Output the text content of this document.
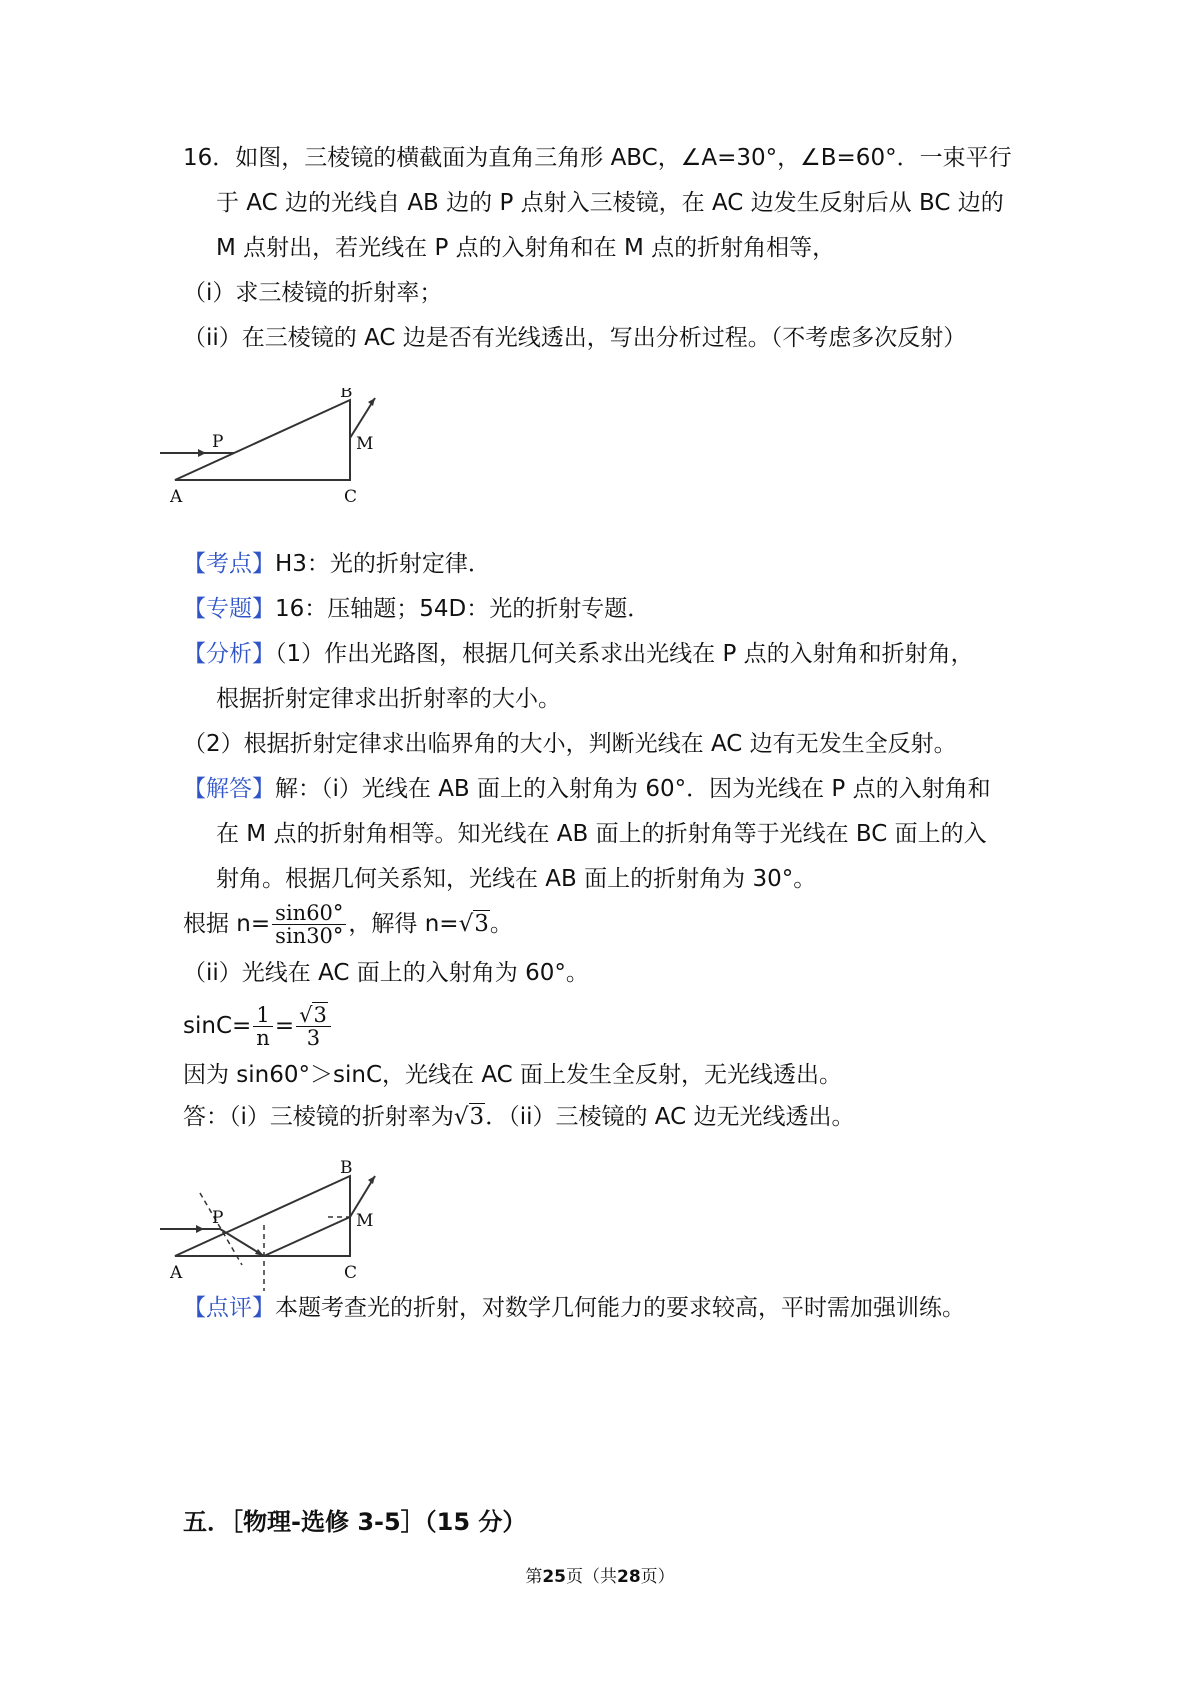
16．如图，三棱镜的横截面为直角三角形 ABC，∠A=30°，∠B=60°．一束平行
于 AC 边的光线自 AB 边的 P 点射入三棱镜，在 AC 边发生反射后从 BC 边的
M 点射出，若光线在 P 点的入射角和在 M 点的折射角相等，
（i）求三棱镜的折射率；
（ii）在三棱镜的 AC 边是否有光线透出，写出分析过程。（不考虑多次反射）
P
B
M
A	C
【考点】H3：光的折射定律．
【专题】16：压轴题；54D：光的折射专题．
【分析】（1）作出光路图，根据几何关系求出光线在 P 点的入射角和折射角，
根据折射定律求出折射率的大小。
（2）根据折射定律求出临界角的大小，判断光线在 AC 边有无发生全反射。
【解答】解：（i）光线在 AB 面上的入射角为 60°．因为光线在 P 点的入射角和
在 M 点的折射角相等。知光线在 AB 面上的折射角等于光线在 BC 面上的入
射角。根据几何关系知，光线在 AB 面上的折射角为 30°。
根据 $n= \frac{\sin 60^\circ}{\sin 30^\circ}$ ，解得 n=√3。
（ii）光线在 AC 面上的入射角为 60°。
$\sin C= \frac{1}{n} = \frac{√3}{3}$
因为 sin60°＞sinC，光线在 AC 面上发生全反射，无光线透出。
答：（i）三棱镜的折射率为√3．（ii）三棱镜的 AC 边无光线透出。
P
B
M
A	C
【点评】本题考查光的折射，对数学几何能力的要求较高，平时需加强训练。
五．［物理-选修 3-5］（15 分）
第25页（共28页）
